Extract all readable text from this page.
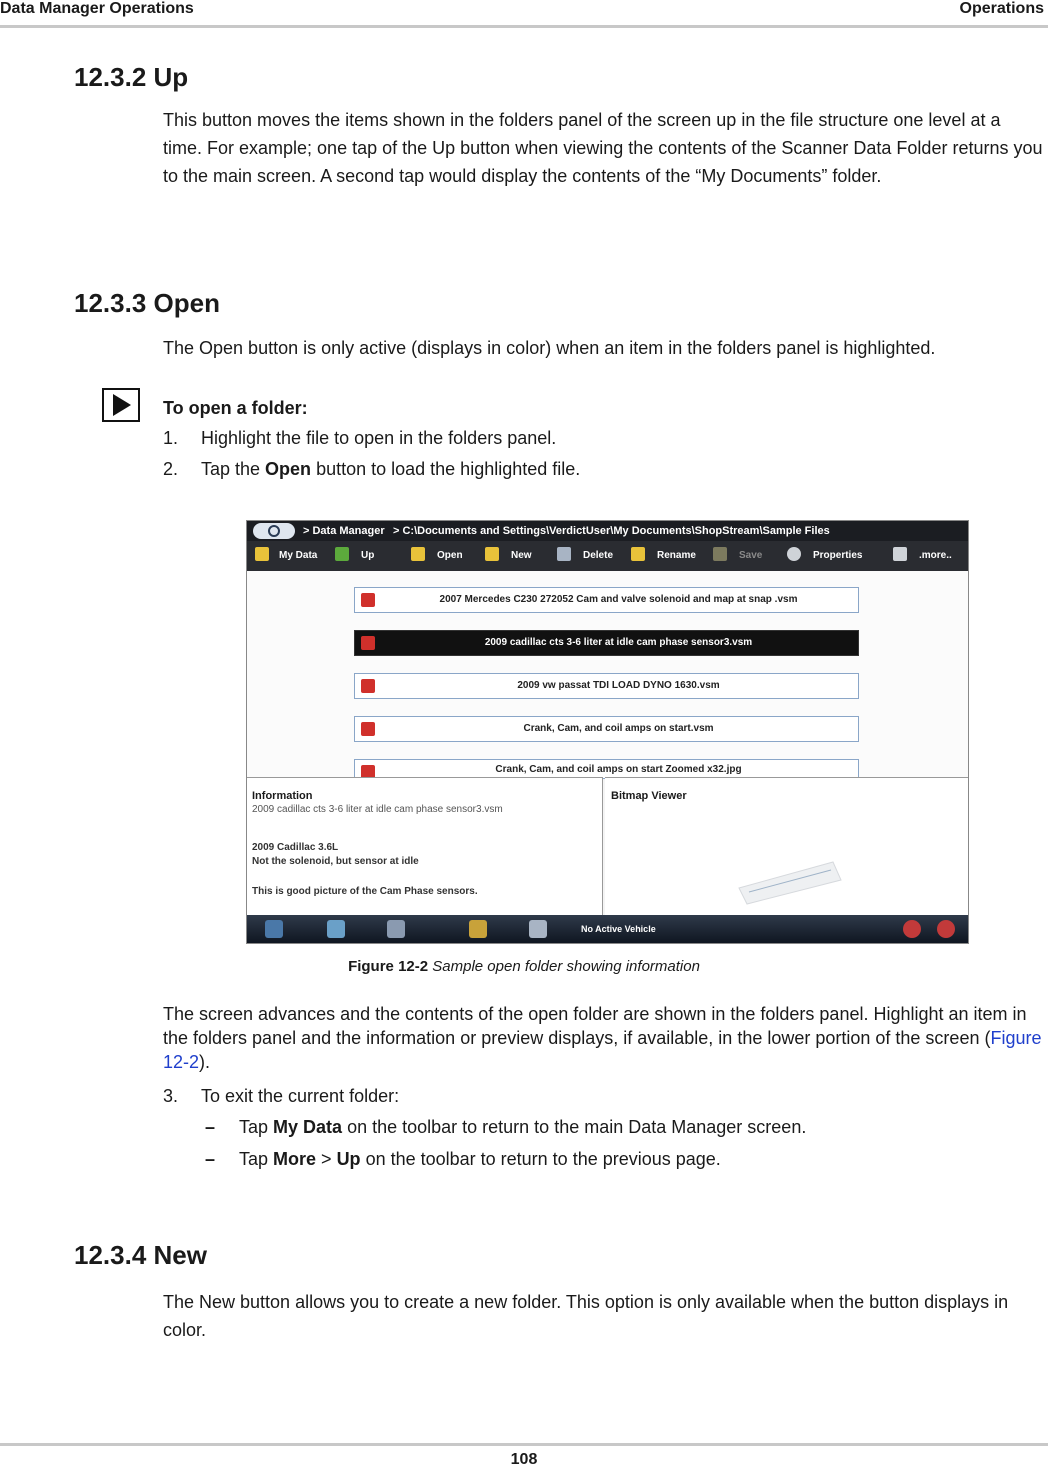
Data Manager Operations	Operations
12.3.2 Up
This button moves the items shown in the folders panel of the screen up in the file structure one level at a time. For example; one tap of the Up button when viewing the contents of the Scanner Data Folder returns you to the main screen. A second tap would display the contents of the “My Documents” folder.
12.3.3 Open
The Open button is only active (displays in color) when an item in the folders panel is highlighted.
To open a folder:
1. Highlight the file to open in the folders panel.
2. Tap the Open button to load the highlighted file.
> Data Manager > C:\Documents and Settings\VerdictUser\My Documents\ShopStream\Sample Files
My Data	Up	Open	New	Delete	Rename	Save	Properties	.more..
2007 Mercedes C230 272052 Cam and valve solenoid and map at snap .vsm
2009 cadillac cts 3-6 liter at idle cam phase sensor3.vsm
2009 vw passat TDI LOAD DYNO 1630.vsm
Crank, Cam, and coil amps on start.vsm
Crank, Cam, and coil amps on start Zoomed x32.jpg
Information
2009 cadillac cts 3-6 liter at idle cam phase sensor3.vsm
2009 Cadillac 3.6L
Not the solenoid, but sensor at idle
This is good picture of the Cam Phase sensors.
Bitmap Viewer
No Active Vehicle
Figure 12-2 Sample open folder showing information
The screen advances and the contents of the open folder are shown in the folders panel. Highlight an item in the folders panel and the information or preview displays, if available, in the lower portion of the screen (Figure 12-2).
3. To exit the current folder:
– Tap My Data on the toolbar to return to the main Data Manager screen.
– Tap More > Up on the toolbar to return to the previous page.
12.3.4 New
The New button allows you to create a new folder. This option is only available when the button displays in color.
108
